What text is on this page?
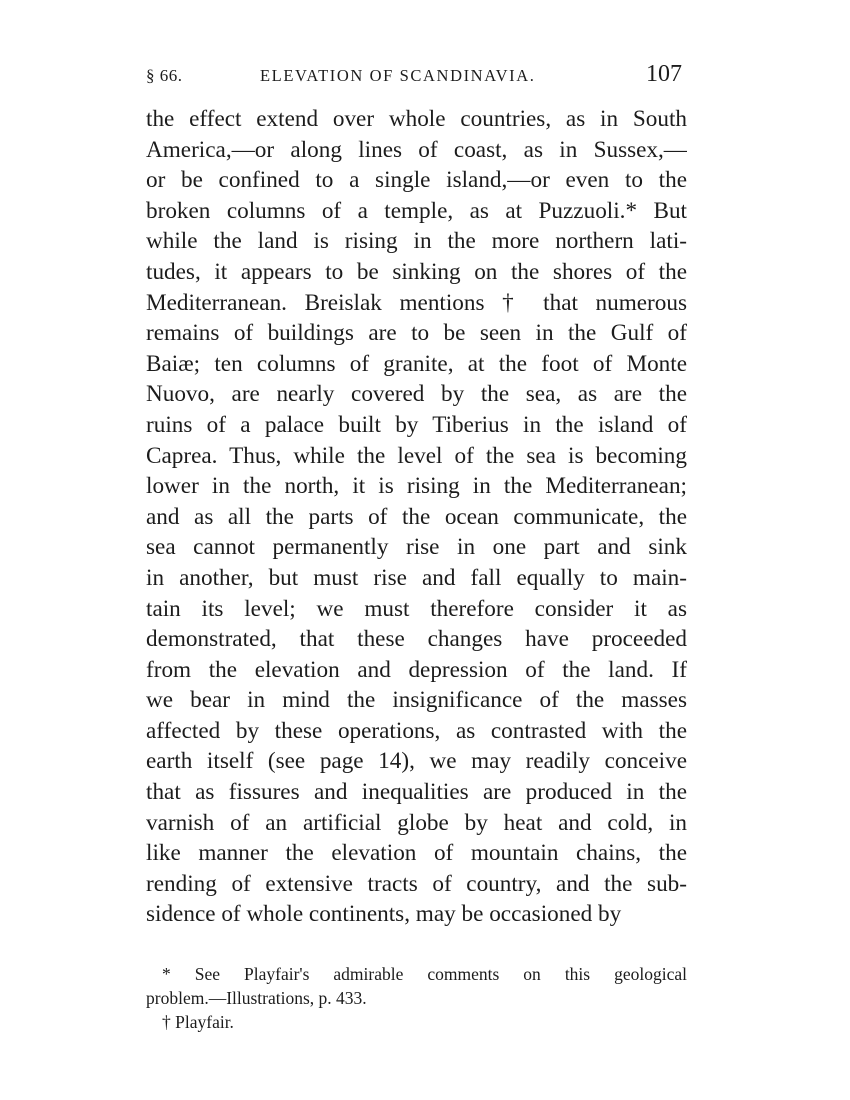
§ 66.	ELEVATION OF SCANDINAVIA.	107
the effect extend over whole countries, as in South
America,—or along lines of coast, as in Sussex,—
or be confined to a single island,—or even to the
broken columns of a temple, as at Puzzuoli.* But
while the land is rising in the more northern lati-
tudes, it appears to be sinking on the shores of the
Mediterranean. Breislak mentions † that numerous
remains of buildings are to be seen in the Gulf of
Baiæ; ten columns of granite, at the foot of Monte
Nuovo, are nearly covered by the sea, as are the
ruins of a palace built by Tiberius in the island of
Caprea. Thus, while the level of the sea is becoming
lower in the north, it is rising in the Mediterranean;
and as all the parts of the ocean communicate, the
sea cannot permanently rise in one part and sink
in another, but must rise and fall equally to main-
tain its level; we must therefore consider it as
demonstrated, that these changes have proceeded
from the elevation and depression of the land. If
we bear in mind the insignificance of the masses
affected by these operations, as contrasted with the
earth itself (see page 14), we may readily conceive
that as fissures and inequalities are produced in the
varnish of an artificial globe by heat and cold, in
like manner the elevation of mountain chains, the
rending of extensive tracts of country, and the sub-
sidence of whole continents, may be occasioned by
* See Playfair's admirable comments on this geological
problem.—Illustrations, p. 433.
† Playfair.
